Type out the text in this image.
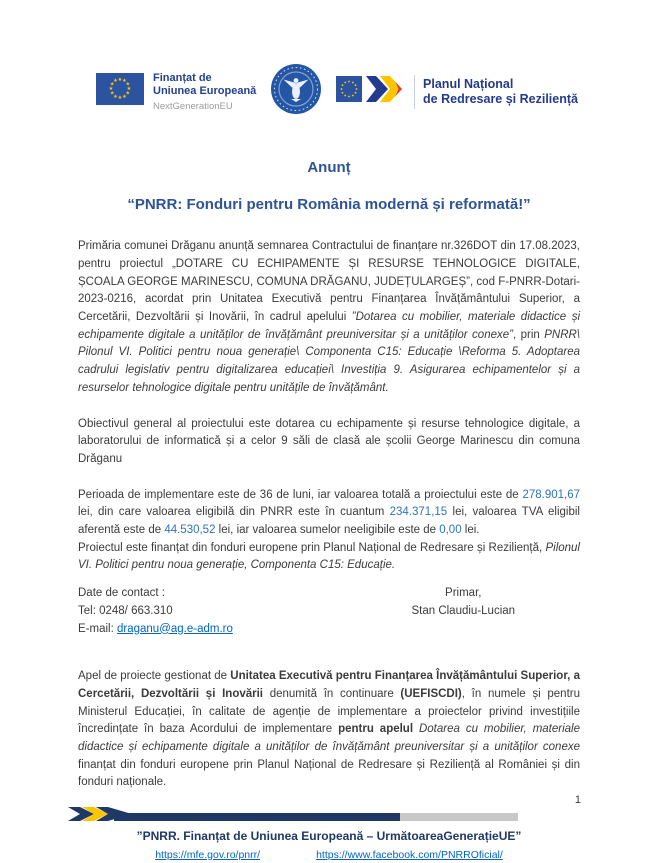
★
★
★
★
★
★
★
★
★ ★ ★
★
Finanțat de
Uniunea Europeană
NextGenerationEU
Planul Național
de Redresare și Reziliență
Anunț
“PNRR: Fonduri pentru România modernă și reformată!”

Primăria comunei Drăganu anunță semnarea Contractului de finanțare nr.326DOT din 17.08.2023, pentru proiectul „DOTARE CU ECHIPAMENTE ȘI RESURSE TEHNOLOGICE DIGITALE, ȘCOALA GEORGE MARINESCU, COMUNA DRĂGANU, JUDEȚULARGEȘ”, cod F-PNRR-Dotari-2023-0216, acordat prin Unitatea Executivă pentru Finanțarea Învățământului Superior, a Cercetării, Dezvoltării și Inovării, în cadrul apelului ”Dotarea cu mobilier, materiale didactice și echipamente digitale a unităților de învățământ preuniversitar și a unităților conexe”, prin PNRR\ Pilonul VI. Politici pentru noua generație\ Componenta C15: Educație \Reforma 5. Adoptarea cadrului legislativ pentru digitalizarea educației\ Investiția 9. Asigurarea echipamentelor și a resurselor tehnologice digitale pentru unitățile de învățământ.

Obiectivul general al proiectului este dotarea cu echipamente și resurse tehnologice digitale, a laboratorului de informatică și a celor 9 săli de clasă ale școlii George Marinescu din comuna Drăganu

Perioada de implementare este de 36 de luni, iar valoarea totală a proiectului este de 278.901,67 lei, din care valoarea eligibilă din PNRR este în cuantum 234.371,15 lei, valoarea TVA eligibil aferentă este de 44.530,52 lei, iar valoarea sumelor neeligibile este de 0,00 lei.

Proiectul este finanțat din fonduri europene prin Planul Național de Redresare și Reziliență, Pilonul VI. Politici pentru noua generație, Componenta C15: Educație.

Date de contact :
Tel: 0248/ 663.310
E-mail: draganu@ag.e-adm.ro
Primar,
Stan Claudiu-Lucian

Apel de proiecte gestionat de Unitatea Executivă pentru Finanțarea Învățământului Superior, a Cercetării, Dezvoltării și Inovării denumită în continuare (UEFISCDI), în numele și pentru Ministerul Educației, în calitate de agenție de implementare a proiectelor privind investițiile încredințate în baza Acordului de implementare pentru apelul Dotarea cu mobilier, materiale didactice și echipamente digitale a unităților de învățământ preuniversitar și a unităților conexe finanțat din fonduri europene prin Planul Național de Redresare și Reziliență al României și din fonduri naționale.

”PNRR. Finanțat de Uniunea Europeană – UrmătoareaGenerațieUE”
https://mfe.gov.ro/pnrr/	https://www.facebook.com/PNRROficial/
1
